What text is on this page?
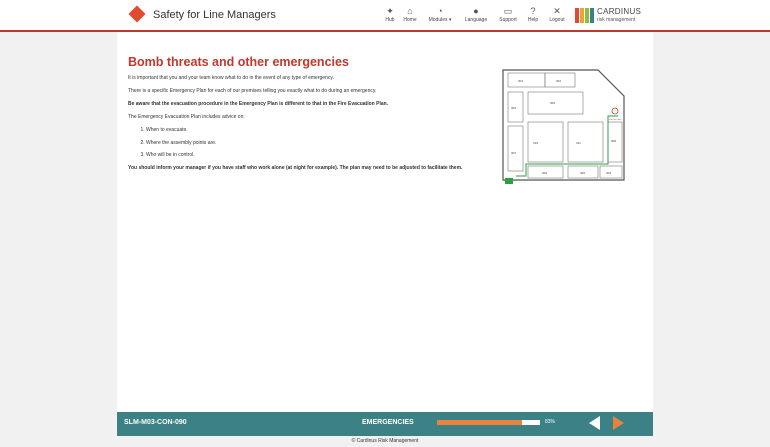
Safety for Line Managers	✦
Hub
⌂
Home
◔
Modules ▾
●
Language
▭
Support
?
Help
✕
Logout
CARDINUS
risk management
Bomb threats and other emergencies

It is important that you and your team know what to do in the event of any type of emergency.

There is a specific Emergency Plan for each of our premises telling you exactly what to do during an emergency.

Be aware that the evacuation procedure in the Emergency Plan is different to that in the Fire Evacuation Plan.

The Emergency Evacuation Plan includes advice on:

1. When to evacuate.
2. Where the assembly points are.
3. Who will be in control.

You should inform your manager if you have staff who work alone (at night for example). The plan may need to be adjusted to facilitate them.

301	302
303
306
310	311
307
308
309	305	304
You are here
SLM-M03-CON-090	EMERGENCIES	83%
© Cardinus Risk Management
